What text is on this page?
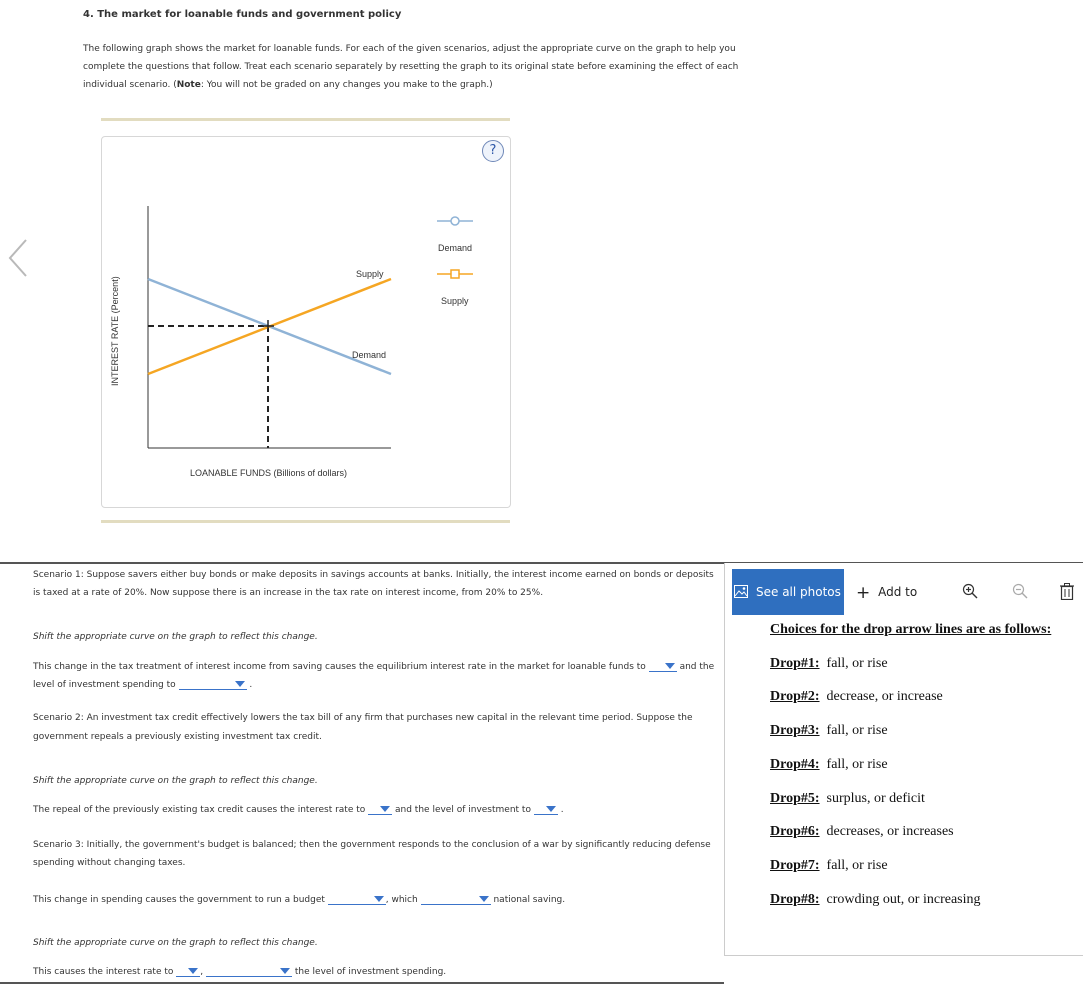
4. The market for loanable funds and government policy
The following graph shows the market for loanable funds. For each of the given scenarios, adjust the appropriate curve on the graph to help you
complete the questions that follow. Treat each scenario separately by resetting the graph to its original state before examining the effect of each
individual scenario. (Note: You will not be graded on any changes you make to the graph.)
?
Supply
Demand
LOANABLE FUNDS (Billions of dollars)
INTEREST RATE (Percent)
Demand
Supply
Scenario 1: Suppose savers either buy bonds or make deposits in savings accounts at banks. Initially, the interest income earned on bonds or deposits
is taxed at a rate of 20%. Now suppose there is an increase in the tax rate on interest income, from 20% to 25%.
Shift the appropriate curve on the graph to reflect this change.
This change in the tax treatment of interest income from saving causes the equilibrium interest rate in the market for loanable funds to	and the
level of investment spending to	.
Scenario 2: An investment tax credit effectively lowers the tax bill of any firm that purchases new capital in the relevant time period. Suppose the
government repeals a previously existing investment tax credit.
Shift the appropriate curve on the graph to reflect this change.
The repeal of the previously existing tax credit causes the interest rate to	and the level of investment to	.
Scenario 3: Initially, the government's budget is balanced; then the government responds to the conclusion of a war by significantly reducing defense
spending without changing taxes.
This change in spending causes the government to run a budget	, which	national saving.
Shift the appropriate curve on the graph to reflect this change.
This causes the interest rate to	,	the level of investment spending.
See all photos + Add to
Choices for the drop arrow lines are as follows:
Drop#1: fall, or rise
Drop#2: decrease, or increase
Drop#3: fall, or rise
Drop#4: fall, or rise
Drop#5: surplus, or deficit
Drop#6: decreases, or increases
Drop#7: fall, or rise
Drop#8: crowding out, or increasing
